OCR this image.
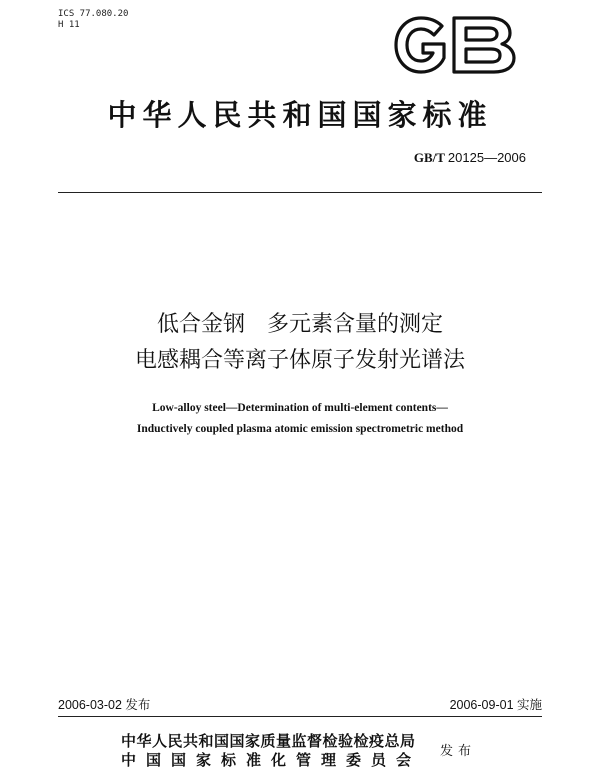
ICS 77.080.20
H 11
中华人民共和国国家标准
GB/T 20125—2006
低合金钢　多元素含量的测定
电感耦合等离子体原子发射光谱法
Low-alloy steel—Determination of multi-element contents—
Inductively coupled plasma atomic emission spectrometric method
2006-03-02 发布	2006-09-01 实施
中华人民共和国国家质量监督检验检疫总局
中国国家标准化管理委员会	发布
